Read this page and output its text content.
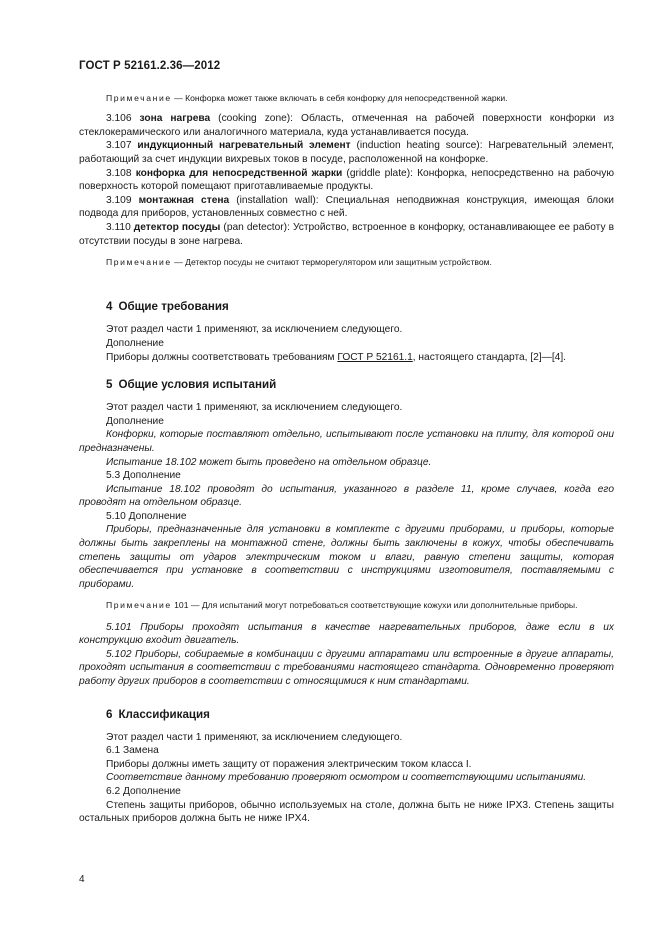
ГОСТ Р 52161.2.36—2012

Примечание — Конфорка может также включать в себя конфорку для непосредственной жарки.

3.106 зона нагрева (cooking zone): Область, отмеченная на рабочей поверхности конфорки из стеклокерамического или аналогичного материала, куда устанавливается посуда.

3.107 индукционный нагревательный элемент (induction heating source): Нагревательный элемент, работающий за счет индукции вихревых токов в посуде, расположенной на конфорке.

3.108 конфорка для непосредственной жарки (griddle plate): Конфорка, непосредственно на рабочую поверхность которой помещают приготавливаемые продукты.

3.109 монтажная стена (installation wall): Специальная неподвижная конструкция, имеющая блоки подвода для приборов, установленных совместно с ней.

3.110 детектор посуды (pan detector): Устройство, встроенное в конфорку, останавливающее ее работу в отсутствии посуды в зоне нагрева.

Примечание — Детектор посуды не считают терморегулятором или защитным устройством.

4 Общие требования

Этот раздел части 1 применяют, за исключением следующего.

Дополнение

Приборы должны соответствовать требованиям ГОСТ Р 52161.1, настоящего стандарта, [2]—[4].

5 Общие условия испытаний

Этот раздел части 1 применяют, за исключением следующего.

Дополнение

Конфорки, которые поставляют отдельно, испытывают после установки на плиту, для которой они предназначены.

Испытание 18.102 может быть проведено на отдельном образце.

5.3 Дополнение

Испытание 18.102 проводят до испытания, указанного в разделе 11, кроме случаев, когда его проводят на отдельном образце.

5.10 Дополнение

Приборы, предназначенные для установки в комплекте с другими приборами, и приборы, которые должны быть закреплены на монтажной стене, должны быть заключены в кожух, чтобы обеспечивать степень защиты от ударов электрическим током и влаги, равную степени защиты, которая обеспечивается при установке в соответствии с инструкциями изготовителя, поставляемыми с приборами.

Примечание 101 — Для испытаний могут потребоваться соответствующие кожухи или дополнительные приборы.

5.101 Приборы проходят испытания в качестве нагревательных приборов, даже если в их конструкцию входит двигатель.

5.102 Приборы, собираемые в комбинации с другими аппаратами или встроенные в другие аппараты, проходят испытания в соответствии с требованиями настоящего стандарта. Одновременно проверяют работу других приборов в соответствии с относящимися к ним стандартами.

6 Классификация

Этот раздел части 1 применяют, за исключением следующего.

6.1 Замена

Приборы должны иметь защиту от поражения электрическим током класса I.

Соответствие данному требованию проверяют осмотром и соответствующими испытаниями.

6.2 Дополнение

Степень защиты приборов, обычно используемых на столе, должна быть не ниже IPX3. Степень защиты остальных приборов должна быть не ниже IPX4.

4
